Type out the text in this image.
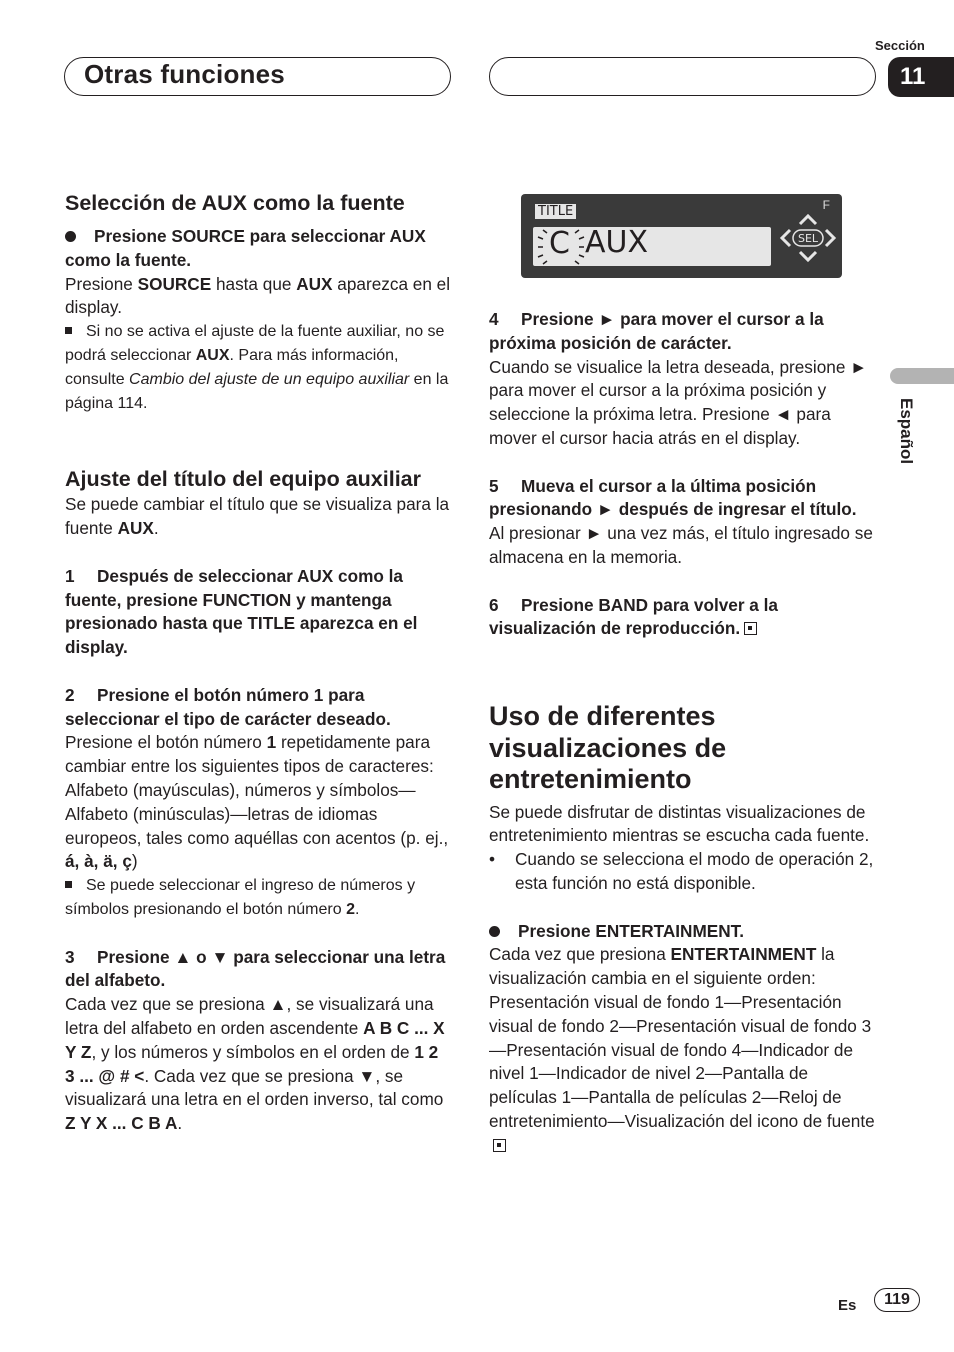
Otras funciones
Sección
11
Español
Selección de AUX como la fuente

Presione SOURCE para seleccionar AUX como la fuente.

Presione SOURCE hasta que AUX aparezca en el display.

Si no se activa el ajuste de la fuente auxiliar, no se podrá seleccionar AUX. Para más información, consulte Cambio del ajuste de un equipo auxiliar en la página 114.

Ajuste del título del equipo auxiliar

Se puede cambiar el título que se visualiza para la fuente AUX.

1 Después de seleccionar AUX como la fuente, presione FUNCTION y mantenga presionado hasta que TITLE aparezca en el display.

2 Presione el botón número 1 para seleccionar el tipo de carácter deseado.

Presione el botón número 1 repetidamente para cambiar entre los siguientes tipos de caracteres:

Alfabeto (mayúsculas), números y símbolos—Alfabeto (minúsculas)—letras de idiomas europeos, tales como aquéllas con acentos (p. ej., á, à, ä, ç)

Se puede seleccionar el ingreso de números y símbolos presionando el botón número 2.

3 Presione ▲ o ▼ para seleccionar una letra del alfabeto.

Cada vez que se presiona ▲, se visualizará una letra del alfabeto en orden ascendente A B C ... X Y Z, y los números y símbolos en el orden de 1 2 3 ... @ # <. Cada vez que se presiona ▼, se visualizará una letra en el orden inverso, tal como Z Y X ... C B A.

TITLE	F
C AUX	SEL

4 Presione ► para mover el cursor a la próxima posición de carácter.

Cuando se visualice la letra deseada, presione ► para mover el cursor a la próxima posición y seleccione la próxima letra. Presione ◄ para mover el cursor hacia atrás en el display.

5 Mueva el cursor a la última posición presionando ► después de ingresar el título.

Al presionar ► una vez más, el título ingresado se almacena en la memoria.

6 Presione BAND para volver a la visualización de reproducción.

Uso de diferentes visualizaciones de entretenimiento

Se puede disfrutar de distintas visualizaciones de entretenimiento mientras se escucha cada fuente.

• Cuando se selecciona el modo de operación 2, esta función no está disponible.

Presione ENTERTAINMENT.

Cada vez que presiona ENTERTAINMENT la visualización cambia en el siguiente orden: Presentación visual de fondo 1—Presentación visual de fondo 2—Presentación visual de fondo 3—Presentación visual de fondo 4—Indicador de nivel 1—Indicador de nivel 2—Pantalla de películas 1—Pantalla de películas 2—Reloj de entretenimiento—Visualización del icono de fuente

Es	119
